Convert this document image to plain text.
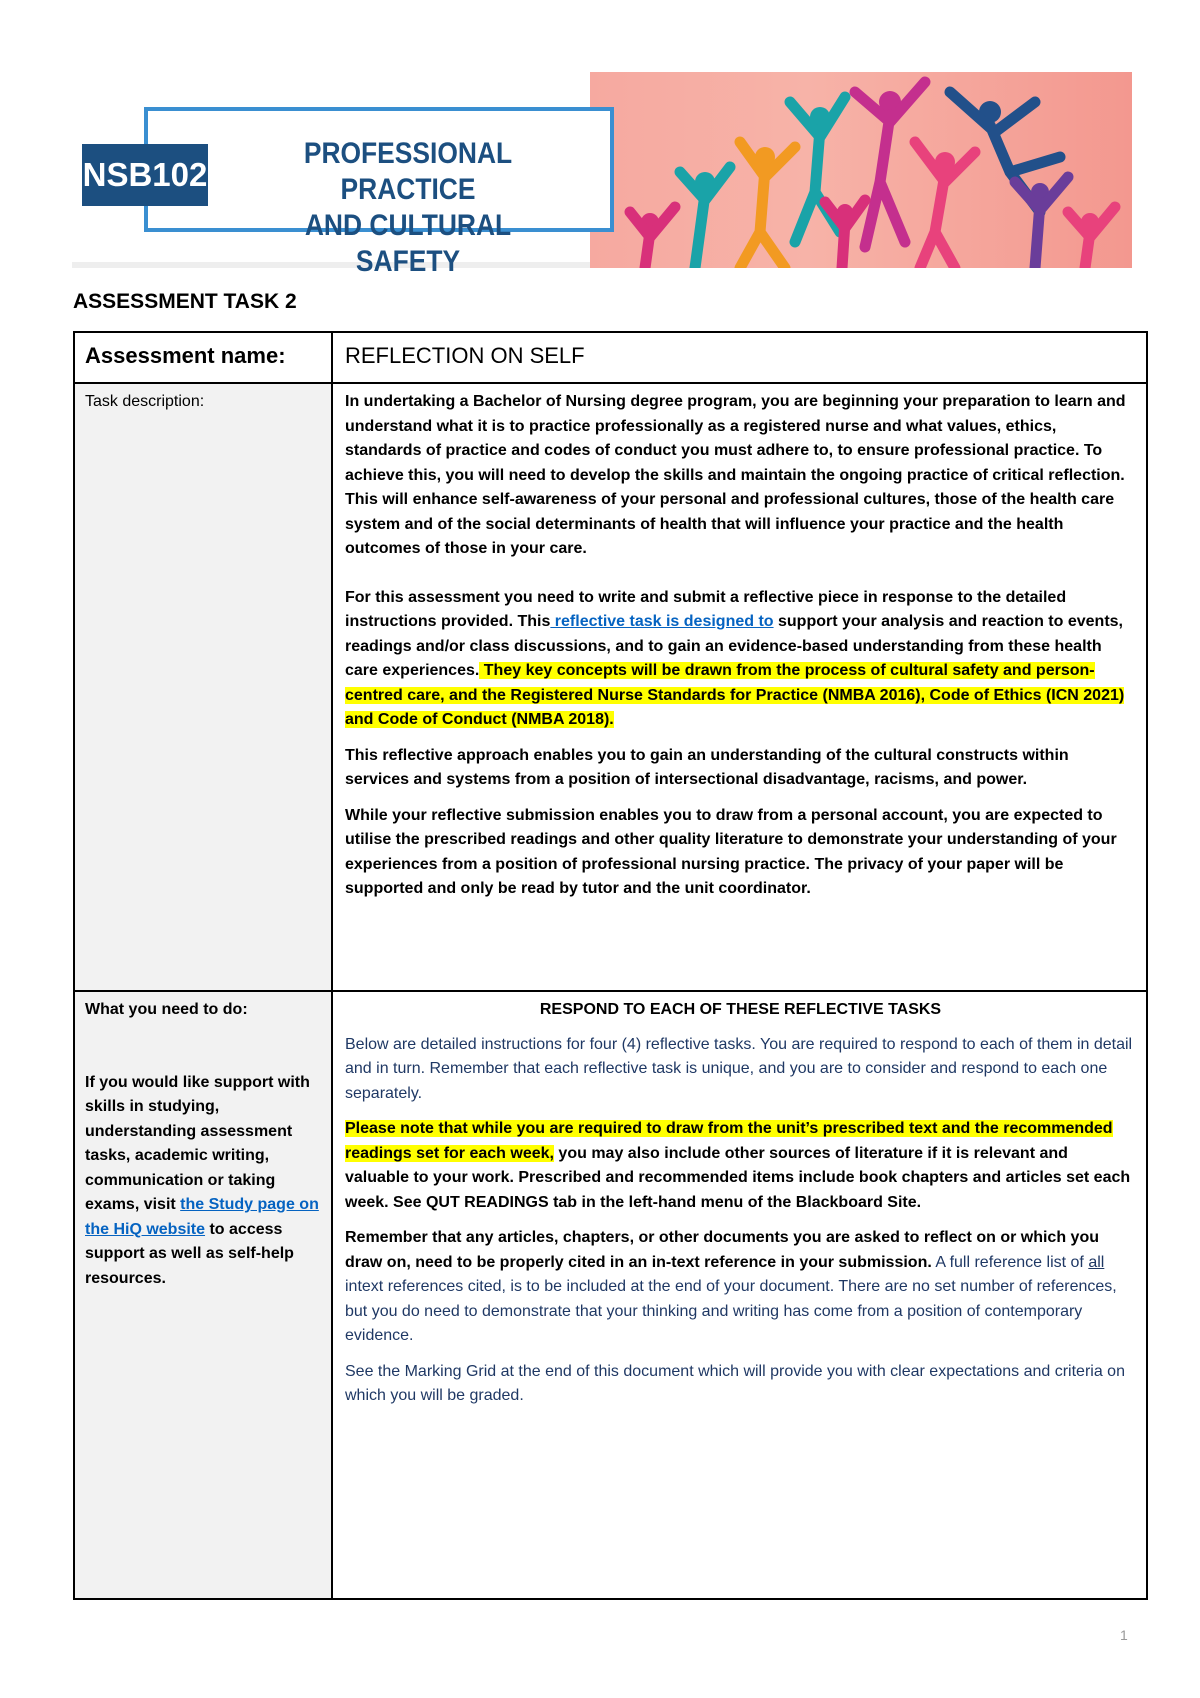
NSB102
PROFESSIONAL PRACTICE
AND CULTURAL SAFETY
ASSESSMENT TASK 2
Assessment name:	REFLECTION ON SELF
Task description:	In undertaking a Bachelor of Nursing degree program, you are beginning your preparation to learn and understand what it is to practice professionally as a registered nurse and what values, ethics, standards of practice and codes of conduct you must adhere to, to ensure professional practice. To achieve this, you will need to develop the skills and maintain the ongoing practice of critical reflection. This will enhance self-awareness of your personal and professional cultures, those of the health care system and of the social determinants of health that will influence your practice and the health outcomes of those in your care.

For this assessment you need to write and submit a reflective piece in response to the detailed instructions provided. This reflective task is designed to support your analysis and reaction to events, readings and/or class discussions, and to gain an evidence-based understanding from these health care experiences. They key concepts will be drawn from the process of cultural safety and person-centred care, and the Registered Nurse Standards for Practice (NMBA 2016), Code of Ethics (ICN 2021) and Code of Conduct (NMBA 2018).

This reflective approach enables you to gain an understanding of the cultural constructs within services and systems from a position of intersectional disadvantage, racisms, and power.

While your reflective submission enables you to draw from a personal account, you are expected to utilise the prescribed readings and other quality literature to demonstrate your understanding of your experiences from a position of professional nursing practice. The privacy of your paper will be supported and only be read by tutor and the unit coordinator.

What you need to do:

If you would like support with skills in studying, understanding assessment tasks, academic writing, communication or taking exams, visit the Study page on the HiQ website to access support as well as self-help resources.

RESPOND TO EACH OF THESE REFLECTIVE TASKS

Below are detailed instructions for four (4) reflective tasks. You are required to respond to each of them in detail and in turn. Remember that each reflective task is unique, and you are to consider and respond to each one separately.

Please note that while you are required to draw from the unit’s prescribed text and the recommended readings set for each week, you may also include other sources of literature if it is relevant and valuable to your work. Prescribed and recommended items include book chapters and articles set each week. See QUT READINGS tab in the left-hand menu of the Blackboard Site.

Remember that any articles, chapters, or other documents you are asked to reflect on or which you draw on, need to be properly cited in an in-text reference in your submission. A full reference list of all intext references cited, is to be included at the end of your document. There are no set number of references, but you do need to demonstrate that your thinking and writing has come from a position of contemporary evidence.

See the Marking Grid at the end of this document which will provide you with clear expectations and criteria on which you will be graded.

1
